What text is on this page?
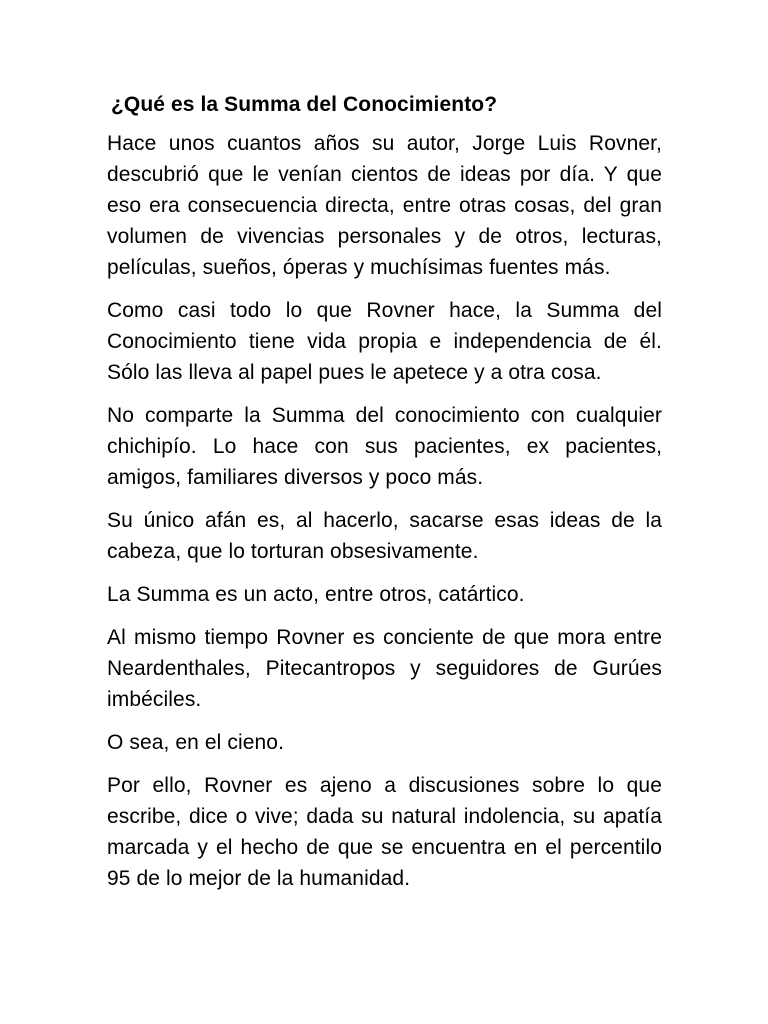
¿Qué es la Summa del Conocimiento?

Hace unos cuantos años su autor, Jorge Luis Rovner, descubrió que le venían cientos de ideas por día. Y que eso era consecuencia directa, entre otras cosas, del gran volumen de vivencias personales y de otros, lecturas, películas, sueños, óperas y muchísimas fuentes más.

Como casi todo lo que Rovner hace, la Summa del Conocimiento tiene vida propia e independencia de él. Sólo las lleva al papel pues le apetece y a otra cosa.

No comparte la Summa del conocimiento con cualquier chichipío. Lo hace con sus pacientes, ex pacientes, amigos, familiares diversos y poco más.

Su único afán es, al hacerlo, sacarse esas ideas de la cabeza, que lo torturan obsesivamente.

La Summa es un acto, entre otros, catártico.

Al mismo tiempo Rovner es conciente de que mora entre Neardenthales, Pitecantropos y seguidores de Gurúes imbéciles.

O sea, en el cieno.

Por ello, Rovner es ajeno a discusiones sobre lo que escribe, dice o vive; dada su natural indolencia, su apatía marcada y el hecho de que se encuentra en el percentilo 95 de lo mejor de la humanidad.
